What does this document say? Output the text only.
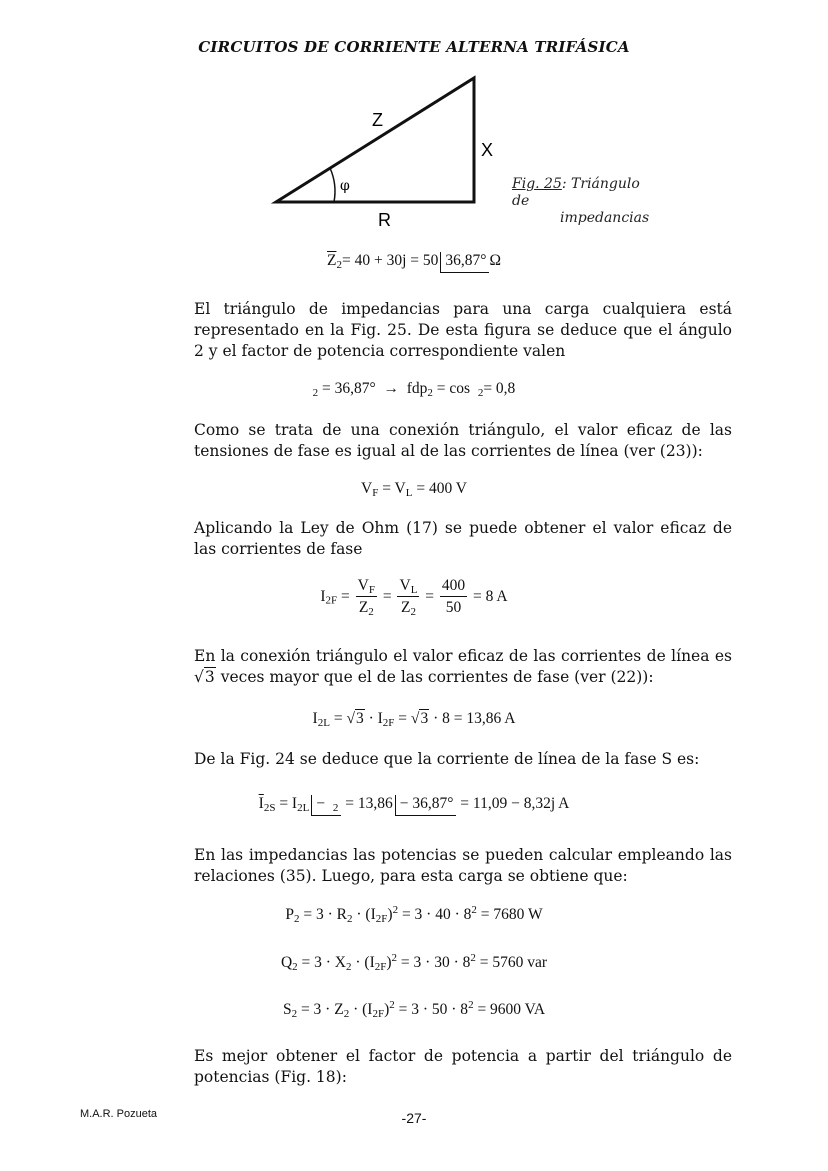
CIRCUITOS DE CORRIENTE ALTERNA TRIFÁSICA
Z
X
R
φ	Fig. 25: Triángulo de
impedancias
$\overline{Z}_2= 40 + 30j = 50$ 36,87°Ω
El triángulo de impedancias para una carga cualquiera está representado en la Fig. 25. De esta figura se deduce que el ángulo 2 y el factor de potencia correspondiente valen
$_2$ = 36,87°  →  fdp$_2$ = cos  $_2$= 0,8
Como se trata de una conexión triángulo, el valor eficaz de las tensiones de fase es igual al de las corrientes de línea (ver (23)):
$V_F = V_L = 400$ V
Aplicando la Ley de Ohm (17) se puede obtener el valor eficaz de las corrientes de fase
$I_{2F} = \frac{V_F}{Z_2} = \frac{V_L}{Z_2} = \frac{400}{50} = 8$ A
En la conexión triángulo el valor eficaz de las corrientes de línea es √3 veces mayor que el de las corrientes de fase (ver (22)):
$I_{2L} = √3 \cdot I_{2F} = √3 \cdot 8 = 13,86$ A
De la Fig. 24 se deduce que la corriente de línea de la fase S es:
$\overline{I}_{2S} = I_{2L} - _2 = 13,86 - 36,87^\circ = 11,09 - 8,32j$ A
En las impedancias las potencias se pueden calcular empleando las relaciones (35). Luego, para esta carga se obtiene que:
$P_2 = 3 \cdot R_2 \cdot (I_{2F})^2 = 3 \cdot 40 \cdot 8^2 = 7680$ W
$Q_2 = 3 \cdot X_2 \cdot (I_{2F})^2 = 3 \cdot 30 \cdot 8^2 = 5760$ var
$S_2 = 3 \cdot Z_2 \cdot (I_{2F})^2 = 3 \cdot 50 \cdot 8^2 = 9600$ VA
Es mejor obtener el factor de potencia a partir del triángulo de potencias (Fig. 18):
M.A.R. Pozueta	-27-
